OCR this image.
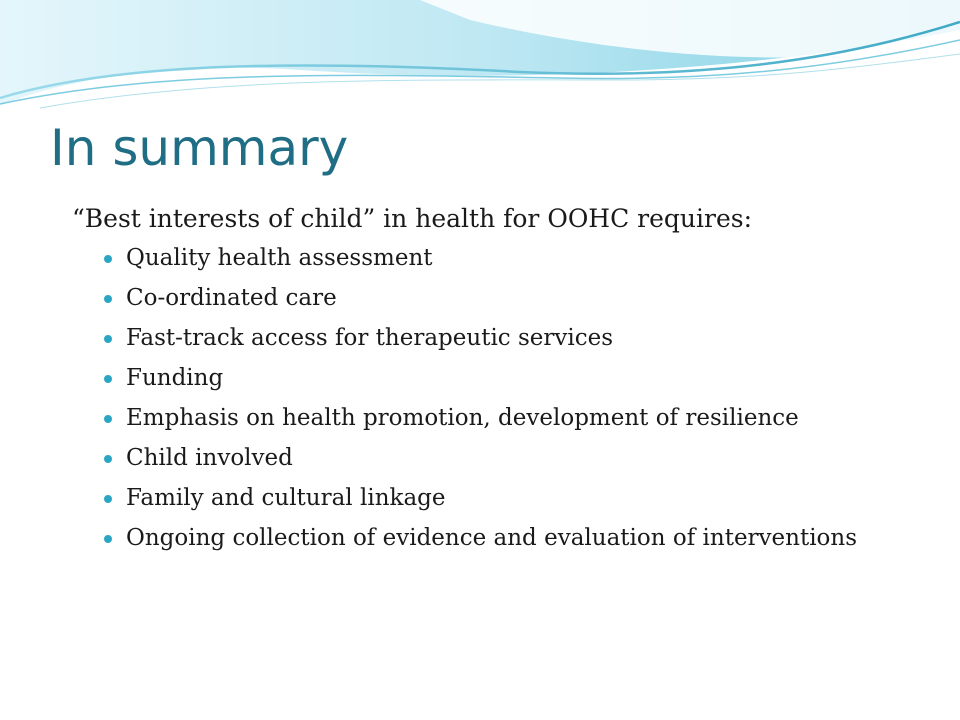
In summary

“Best interests of child” in health for OOHC requires:

Quality health assessment
Co-ordinated care
Fast-track access for therapeutic services
Funding
Emphasis on health promotion, development of resilience
Child involved
Family and cultural linkage
Ongoing collection of evidence and evaluation of interventions
